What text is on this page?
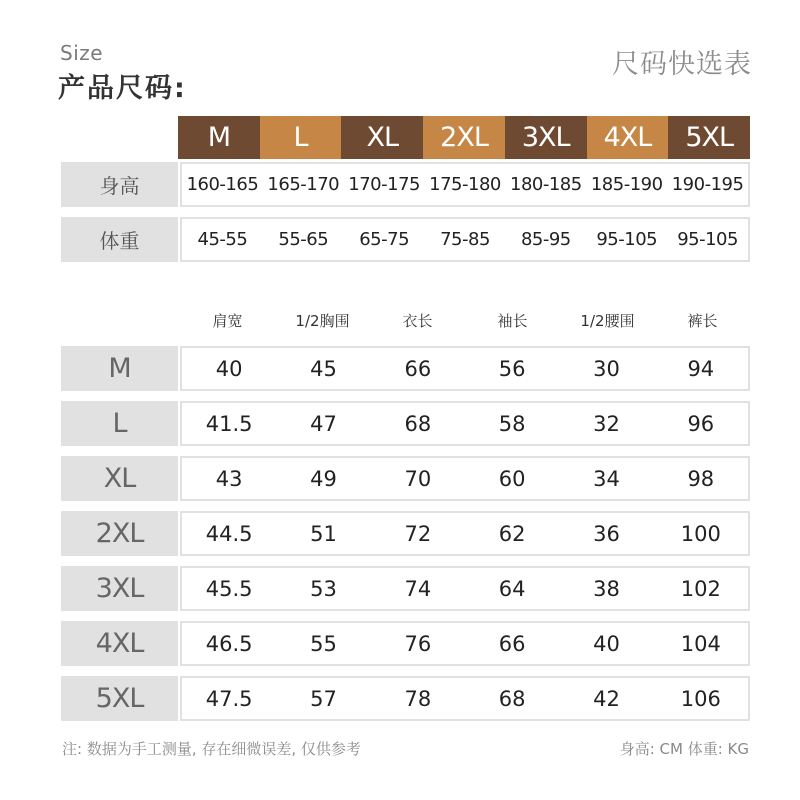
Size
产品尺码:
尺码快选表
M	L	XL	2XL	3XL	4XL	5XL
身高	160-165 165-170 170-175 175-180 180-185 185-190 190-195
体重	45-55	55-65	65-75	75-85	85-95	95-105	95-105
肩宽	1/2胸围	衣长	袖长	1/2腰围	裤长
M	40	45	66	56	30	94
L	41.5	47	68	58	32	96
XL	43	49	70	60	34	98
2XL	44.5	51	72	62	36	100
3XL	45.5	53	74	64	38	102
4XL	46.5	55	76	66	40	104
5XL	47.5	57	78	68	42	106
注: 数据为手工测量, 存在细微误差, 仅供参考	身高: CM 体重: KG
